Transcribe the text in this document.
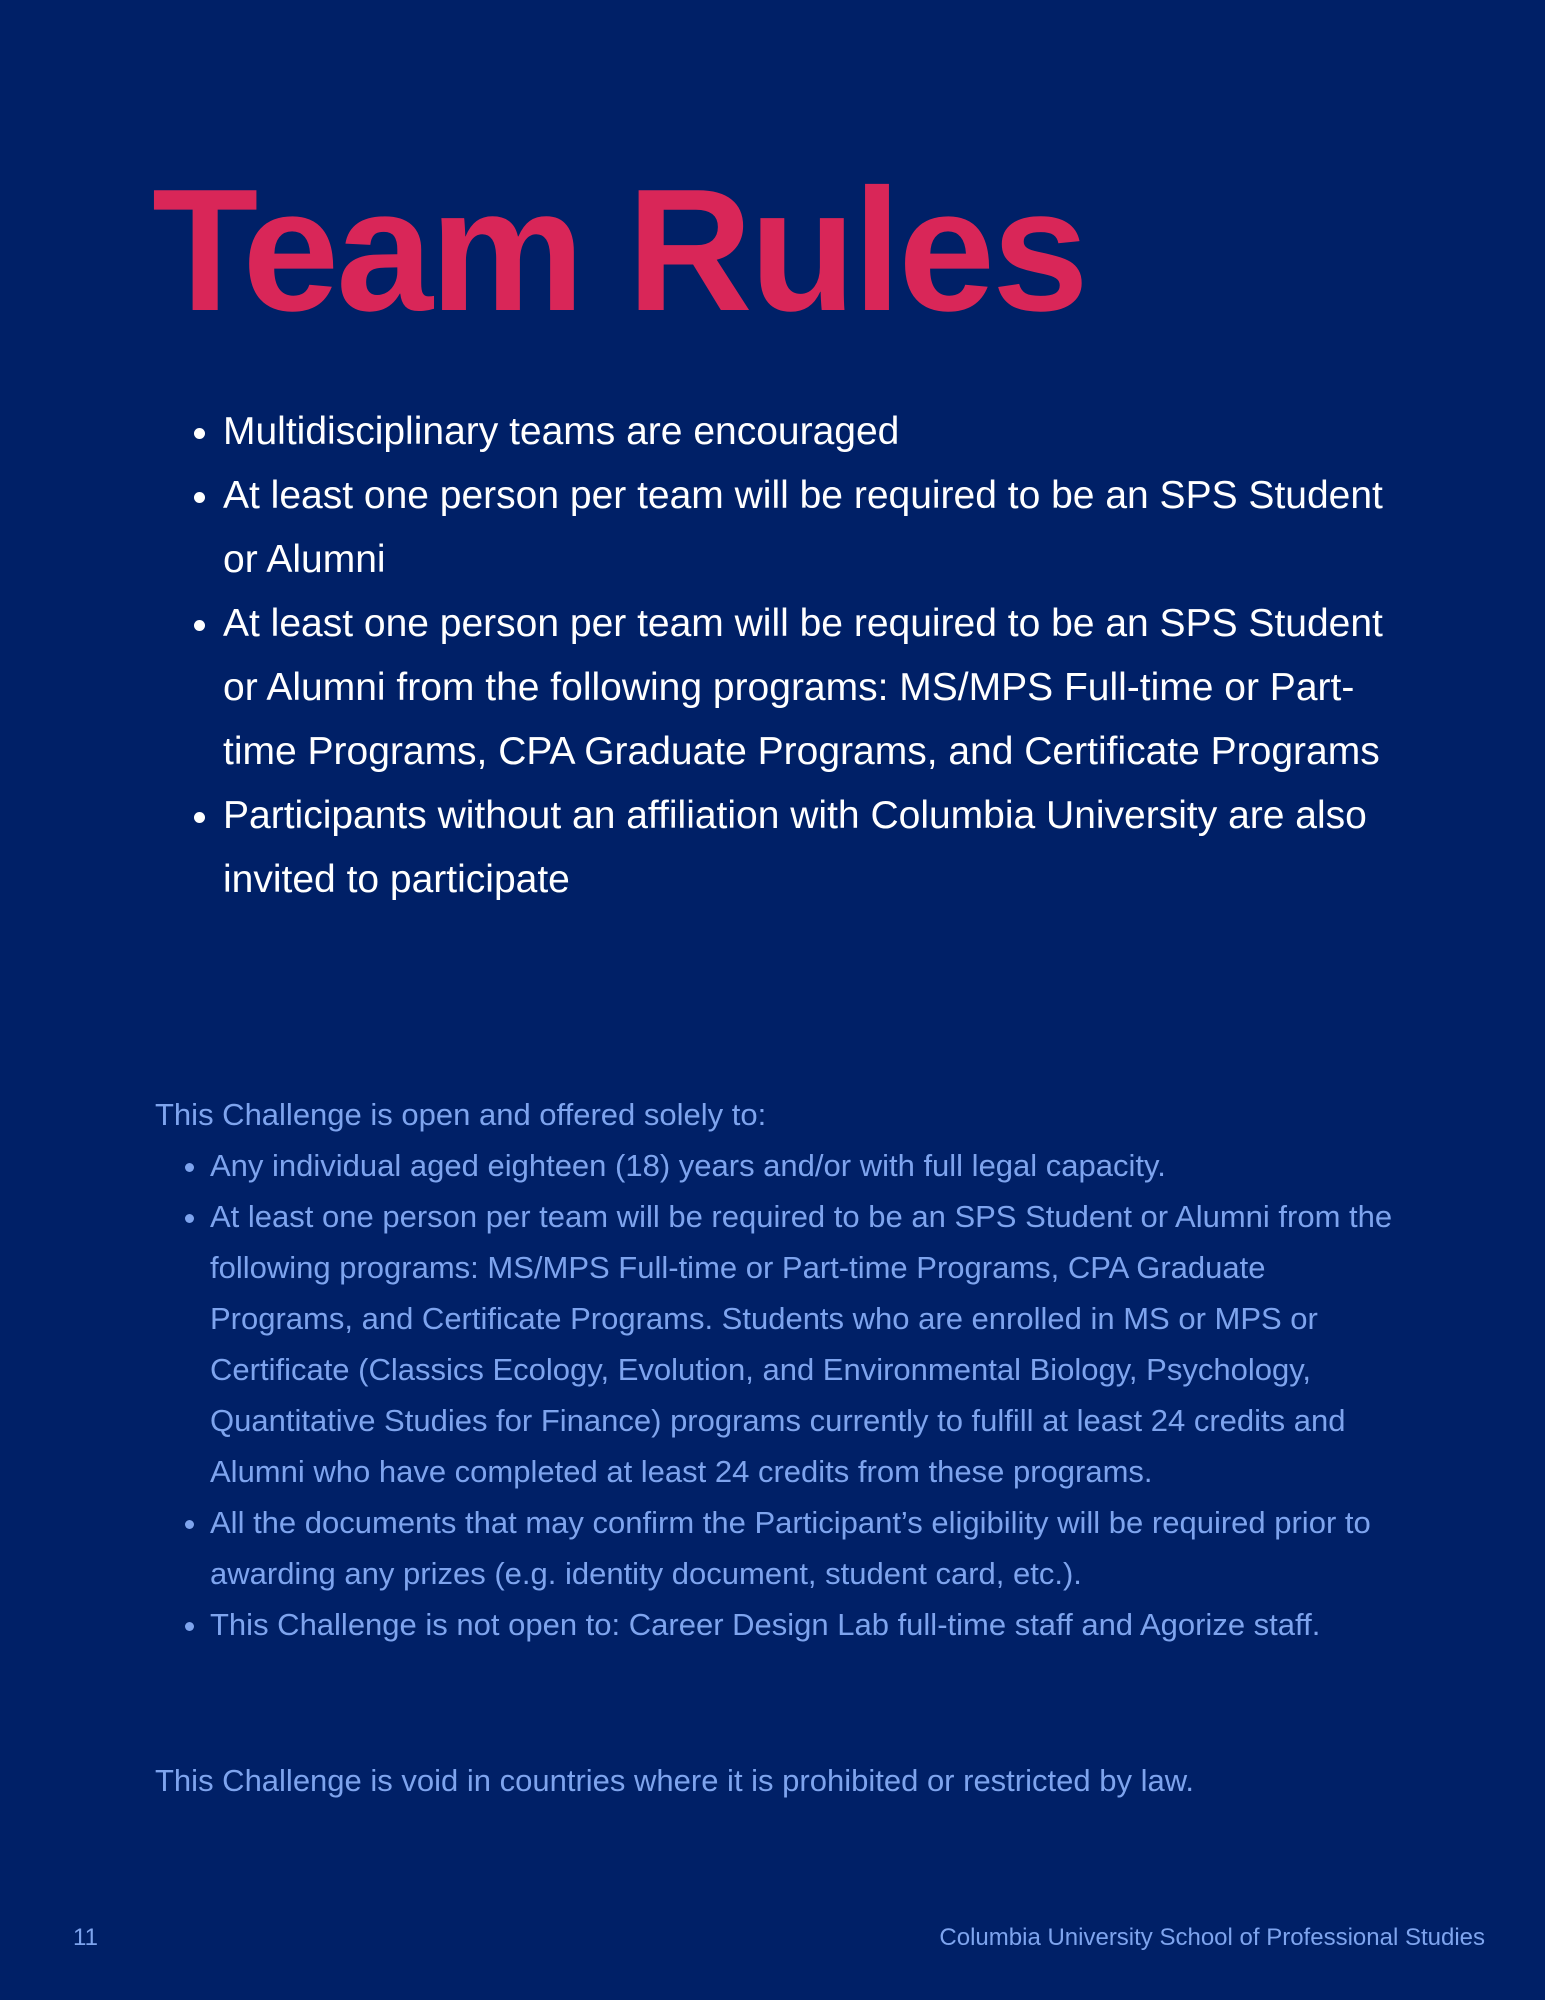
Team Rules
• Multidisciplinary teams are encouraged
• At least one person per team will be required to be an SPS Student or Alumni
• At least one person per team will be required to be an SPS Student or Alumni from the following programs: MS/MPS Full-time or Part-time Programs, CPA Graduate Programs, and Certificate Programs
• Participants without an affiliation with Columbia University are also invited to participate

This Challenge is open and offered solely to:

• Any individual aged eighteen (18) years and/or with full legal capacity.
• At least one person per team will be required to be an SPS Student or Alumni from the following programs: MS/MPS Full-time or Part-time Programs, CPA Graduate Programs, and Certificate Programs. Students who are enrolled in MS or MPS or Certificate (Classics Ecology, Evolution, and Environmental Biology, Psychology, Quantitative Studies for Finance) programs currently to fulfill at least 24 credits and Alumni who have completed at least 24 credits from these programs.
• All the documents that may confirm the Participant’s eligibility will be required prior to awarding any prizes (e.g. identity document, student card, etc.).
• This Challenge is not open to: Career Design Lab full-time staff and Agorize staff.

This Challenge is void in countries where it is prohibited or restricted by law.

11	Columbia University School of Professional Studies
